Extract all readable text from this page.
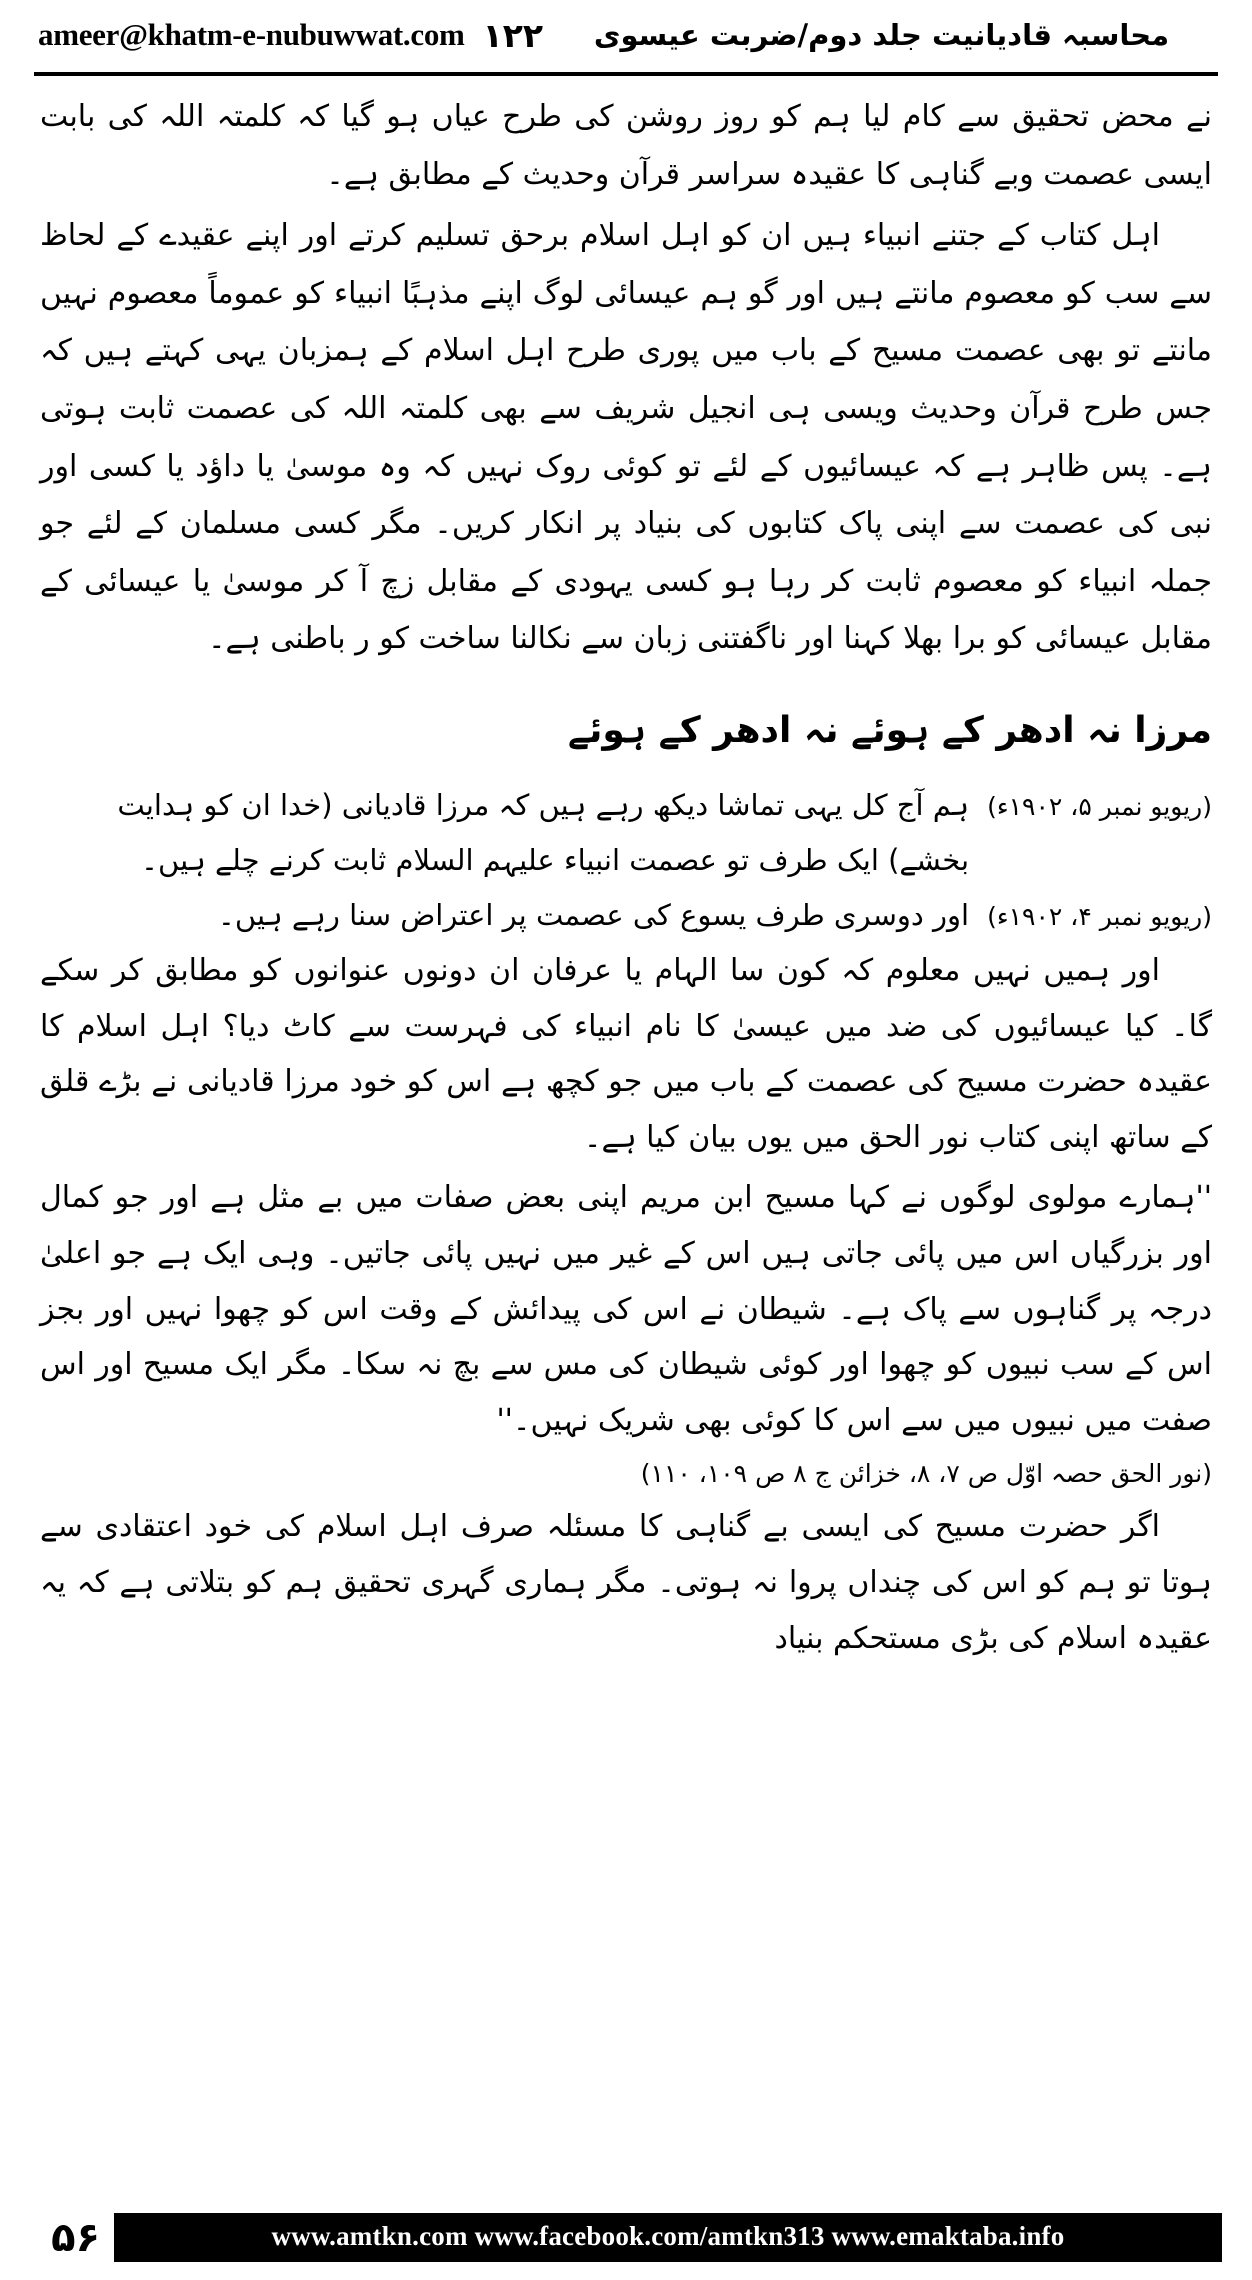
ameer@khatm-e-nubuwwat.com ۱۲۲	محاسبہ قادیانیت جلد دوم/ضربت عیسوی

نے محض تحقیق سے کام لیا ہم کو روز روشن کی طرح عیاں ہو گیا کہ کلمتہ اللہ کی بابت ایسی عصمت وبے گناہی کا عقیدہ سراسر قرآن وحدیث کے مطابق ہے۔

اہل کتاب کے جتنے انبیاء ہیں ان کو اہل اسلام برحق تسلیم کرتے اور اپنے عقیدے کے لحاظ سے سب کو معصوم مانتے ہیں اور گو ہم عیسائی لوگ اپنے مذہبًا انبیاء کو عموماً معصوم نہیں مانتے تو بھی عصمت مسیح کے باب میں پوری طرح اہل اسلام کے ہمزبان یہی کہتے ہیں کہ جس طرح قرآن وحدیث ویسی ہی انجیل شریف سے بھی کلمتہ اللہ کی عصمت ثابت ہوتی ہے۔ پس ظاہر ہے کہ عیسائیوں کے لئے تو کوئی روک نہیں کہ وہ موسیٰ یا داؤد یا کسی اور نبی کی عصمت سے اپنی پاک کتابوں کی بنیاد پر انکار کریں۔ مگر کسی مسلمان کے لئے جو جملہ انبیاء کو معصوم ثابت کر رہا ہو کسی یہودی کے مقابل زچ آ کر موسیٰ یا عیسائی کے مقابل عیسائی کو برا بھلا کہنا اور ناگفتنی زبان سے نکالنا ساخت کو ر باطنی ہے۔

مرزا نہ ادھر کے ہوئے نہ ادھر کے ہوئے
ہم آج کل یہی تماشا دیکھ رہے ہیں کہ مرزا قادیانی (خدا ان کو ہدایت بخشے) ایک طرف تو عصمت انبیاء علیہم السلام ثابت کرنے چلے ہیں۔
(ریویو نمبر ۵، ۱۹۰۲ء)
اور دوسری طرف یسوع کی عصمت پر اعتراض سنا رہے ہیں۔ (ریویو نمبر ۴، ۱۹۰۲ء)

اور ہمیں نہیں معلوم کہ کون سا الہام یا عرفان ان دونوں عنوانوں کو مطابق کر سکے گا۔ کیا عیسائیوں کی ضد میں عیسیٰ کا نام انبیاء کی فہرست سے کاٹ دیا؟ اہل اسلام کا عقیدہ حضرت مسیح کی عصمت کے باب میں جو کچھ ہے اس کو خود مرزا قادیانی نے بڑے قلق کے ساتھ اپنی کتاب نور الحق میں یوں بیان کیا ہے۔

''ہمارے مولوی لوگوں نے کہا مسیح ابن مریم اپنی بعض صفات میں بے مثل ہے اور جو کمال اور بزرگیاں اس میں پائی جاتی ہیں اس کے غیر میں نہیں پائی جاتیں۔ وہی ایک ہے جو اعلیٰ درجہ پر گناہوں سے پاک ہے۔ شیطان نے اس کی پیدائش کے وقت اس کو چھوا نہیں اور بجز اس کے سب نبیوں کو چھوا اور کوئی شیطان کی مس سے بچ نہ سکا۔ مگر ایک مسیح اور اس صفت میں نبیوں میں سے اس کا کوئی بھی شریک نہیں۔''

(نور الحق حصہ اوّل ص ۷، ۸، خزائن ج ۸ ص ۱۰۹، ۱۱۰)

اگر حضرت مسیح کی ایسی بے گناہی کا مسئلہ صرف اہل اسلام کی خود اعتقادی سے ہوتا تو ہم کو اس کی چنداں پروا نہ ہوتی۔ مگر ہماری گہری تحقیق ہم کو بتلاتی ہے کہ یہ عقیدہ اسلام کی بڑی مستحکم بنیاد

۵۶	www.amtkn.com www.facebook.com/amtkn313 www.emaktaba.info
